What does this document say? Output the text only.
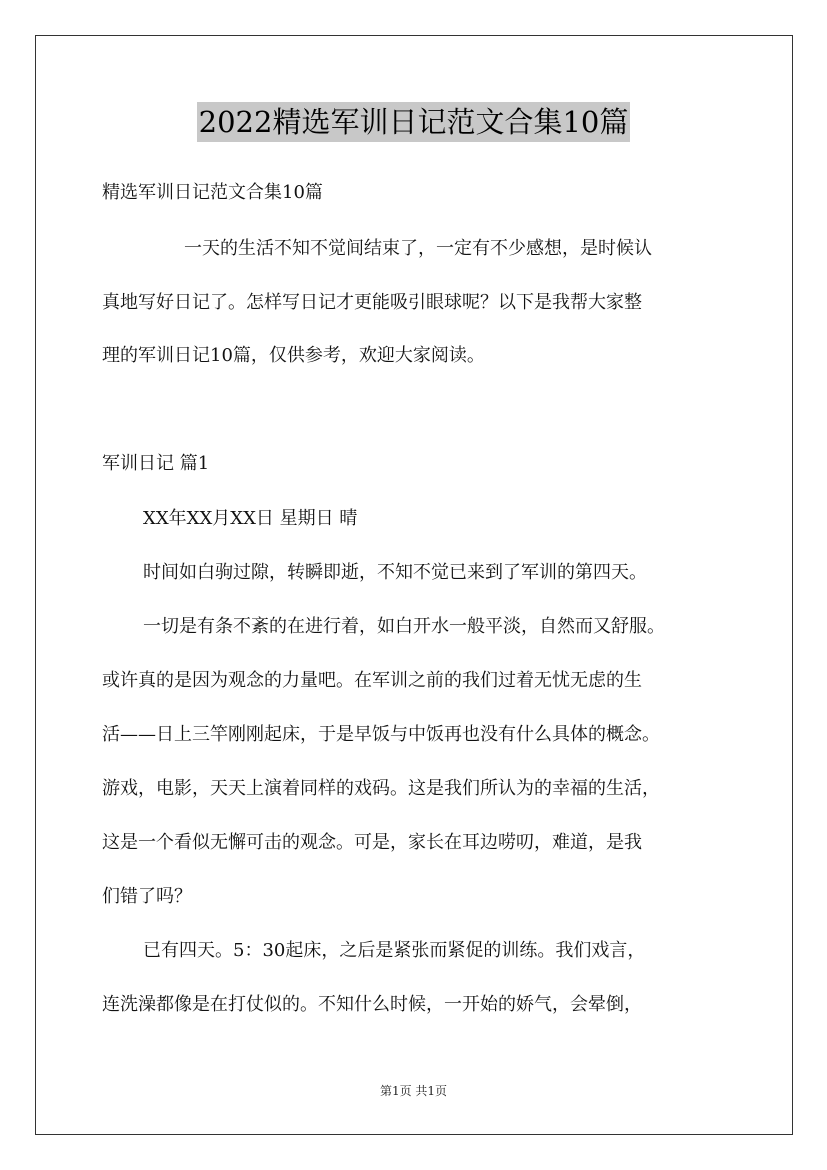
2022精选军训日记范文合集10篇
精选军训日记范文合集10篇
一天的生活不知不觉间结束了，一定有不少感想，是时候认
真地写好日记了。怎样写日记才更能吸引眼球呢？以下是我帮大家整
理的军训日记10篇，仅供参考，欢迎大家阅读。
军训日记 篇1
XX年XX月XX日 星期日 晴
时间如白驹过隙，转瞬即逝，不知不觉已来到了军训的第四天。
一切是有条不紊的在进行着，如白开水一般平淡，自然而又舒服。
或许真的是因为观念的力量吧。在军训之前的我们过着无忧无虑的生
活——日上三竿刚刚起床，于是早饭与中饭再也没有什么具体的概念。
游戏，电影，天天上演着同样的戏码。这是我们所认为的幸福的生活，
这是一个看似无懈可击的观念。可是，家长在耳边唠叨，难道，是我
们错了吗？
已有四天。5：30起床，之后是紧张而紧促的训练。我们戏言，
连洗澡都像是在打仗似的。不知什么时候，一开始的娇气，会晕倒，
第1页 共1页
